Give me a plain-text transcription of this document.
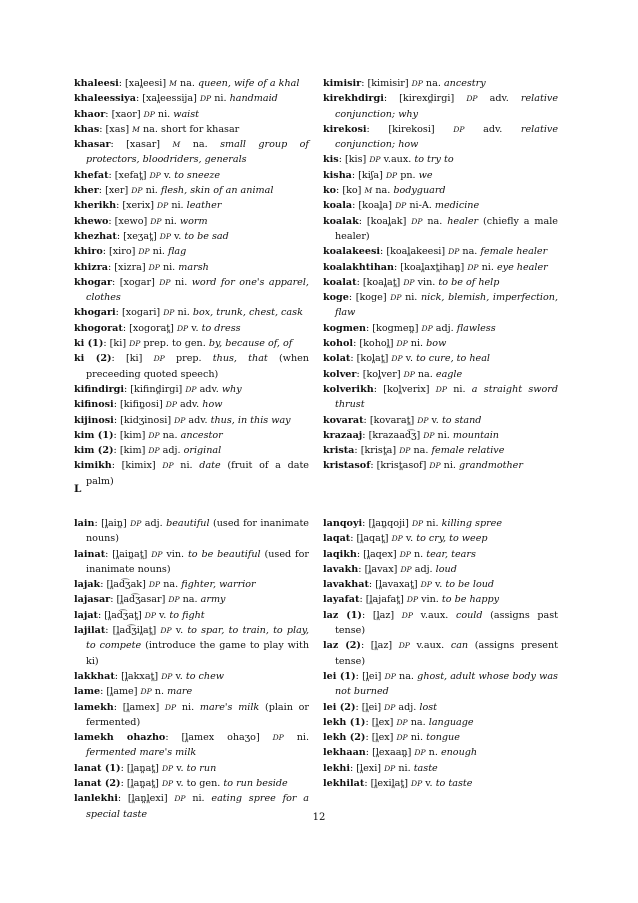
khaleesi: [xal̪eesi] M na. queen, wife of a khal

khaleessiya: [xal̪eessija] DP ni. handmaid

khaor: [xaor] DP ni. waist

khas: [xas] M na. short for khasar

khasar: [xasar] M na. small group of protectors, bloodriders, generals

khefat: [xefat̪] DP v. to sneeze

kher: [xer] DP ni. flesh, skin of an animal

kherikh: [xerix] DP ni. leather

khewo: [xewo] DP ni. worm

khezhat: [xeʒat̪] DP v. to be sad

khiro: [xiro] DP ni. flag

khizra: [xizra] DP ni. marsh

khogar: [xogar] DP ni. word for one's apparel, clothes

khogari: [xogari] DP ni. box, trunk, chest, cask

khogorat: [xogorat̪] DP v. to dress

ki (1): [ki] DP prep. to gen. by, because of, of

ki (2): [ki] DP prep. thus, that (when preceeding quoted speech)

kifindirgi: [kifind̪irgi] DP adv. why

kifinosi: [kifin̪osi] DP adv. how

kijinosi: [kidʒinosi] DP adv. thus, in this way

kim (1): [kim] DP na. ancestor

kim (2): [kim] DP adj. original

kimikh: [kimix] DP ni. date (fruit of a date palm)

kimisir: [kimisir] DP na. ancestry

kirekhdirgi: [kirexd̪irgi] DP adv. relative conjunction; why

kirekosi: [kirekosi] DP adv. relative conjunction; how

kis: [kis] DP v.aux. to try to

kisha: [kiʃa] DP pn. we

ko: [ko] M na. bodyguard

koala: [koal̪a] DP ni-A. medicine

koalak: [koal̪ak] DP na. healer (chiefly a male healer)

koalakeesi: [koal̪akeesi] DP na. female healer

koalakhtihan: [koal̪axt̪ihan̪] DP ni. eye healer

koalat: [koal̪at̪] DP vin. to be of help

koge: [koge] DP ni. nick, blemish, imperfection, flaw

kogmen: [kogmen̪] DP adj. flawless

kohol: [kohol̪] DP ni. bow

kolat: [kol̪at̪] DP v. to cure, to heal

kolver: [kol̪ver] DP na. eagle

kolverikh: [kol̪verix] DP ni. a straight sword thrust

kovarat: [kovarat̪] DP v. to stand

krazaaj: [krazaad͡ʒ] DP ni. mountain

krista: [krist̪a] DP na. female relative

kristasof: [krist̪asof] DP ni. grandmother

L

lain: [l̪ain̪] DP adj. beautiful (used for inanimate nouns)

lainat: [l̪ain̪at̪] DP vin. to be beautiful (used for inanimate nouns)

lajak: [l̪ad͡ʒak] DP na. fighter, warrior

lajasar: [l̪ad͡ʒasar] DP na. army

lajat: [l̪ad͡ʒat̪] DP v. to fight

lajilat: [l̪ad͡ʒil̪at̪] DP v. to spar, to train, to play, to compete (introduce the game to play with ki)

lakkhat: [l̪akxat̪] DP v. to chew

lame: [l̪ame] DP n. mare

lamekh: [l̪amex] DP ni. mare's milk (plain or fermented)

lamekh ohazho: [l̪amex ohaʒo] DP ni. fermented mare's milk

lanat (1): [l̪an̪at̪] DP v. to run

lanat (2): [l̪an̪at̪] DP v. to gen. to run beside

lanlekhi: [l̪an̪l̪exi] DP ni. eating spree for a special taste

lanqoyi: [l̪an̪qoji] DP ni. killing spree

laqat: [l̪aqat̪] DP v. to cry, to weep

laqikh: [l̪aqex] DP n. tear, tears

lavakh: [l̪avax] DP adj. loud

lavakhat: [l̪avaxat̪] DP v. to be loud

layafat: [l̪ajafat̪] DP vin. to be happy

laz (1): [l̪az] DP v.aux. could (assigns past tense)

laz (2): [l̪az] DP v.aux. can (assigns present tense)

lei (1): [l̪ei] DP na. ghost, adult whose body was not burned

lei (2): [l̪ei] DP adj. lost

lekh (1): [l̪ex] DP na. language

lekh (2): [l̪ex] DP ni. tongue

lekhaan: [l̪exaan̪] DP n. enough

lekhi: [l̪exi] DP ni. taste

lekhilat: [l̪exil̪at̪] DP v. to taste

12
